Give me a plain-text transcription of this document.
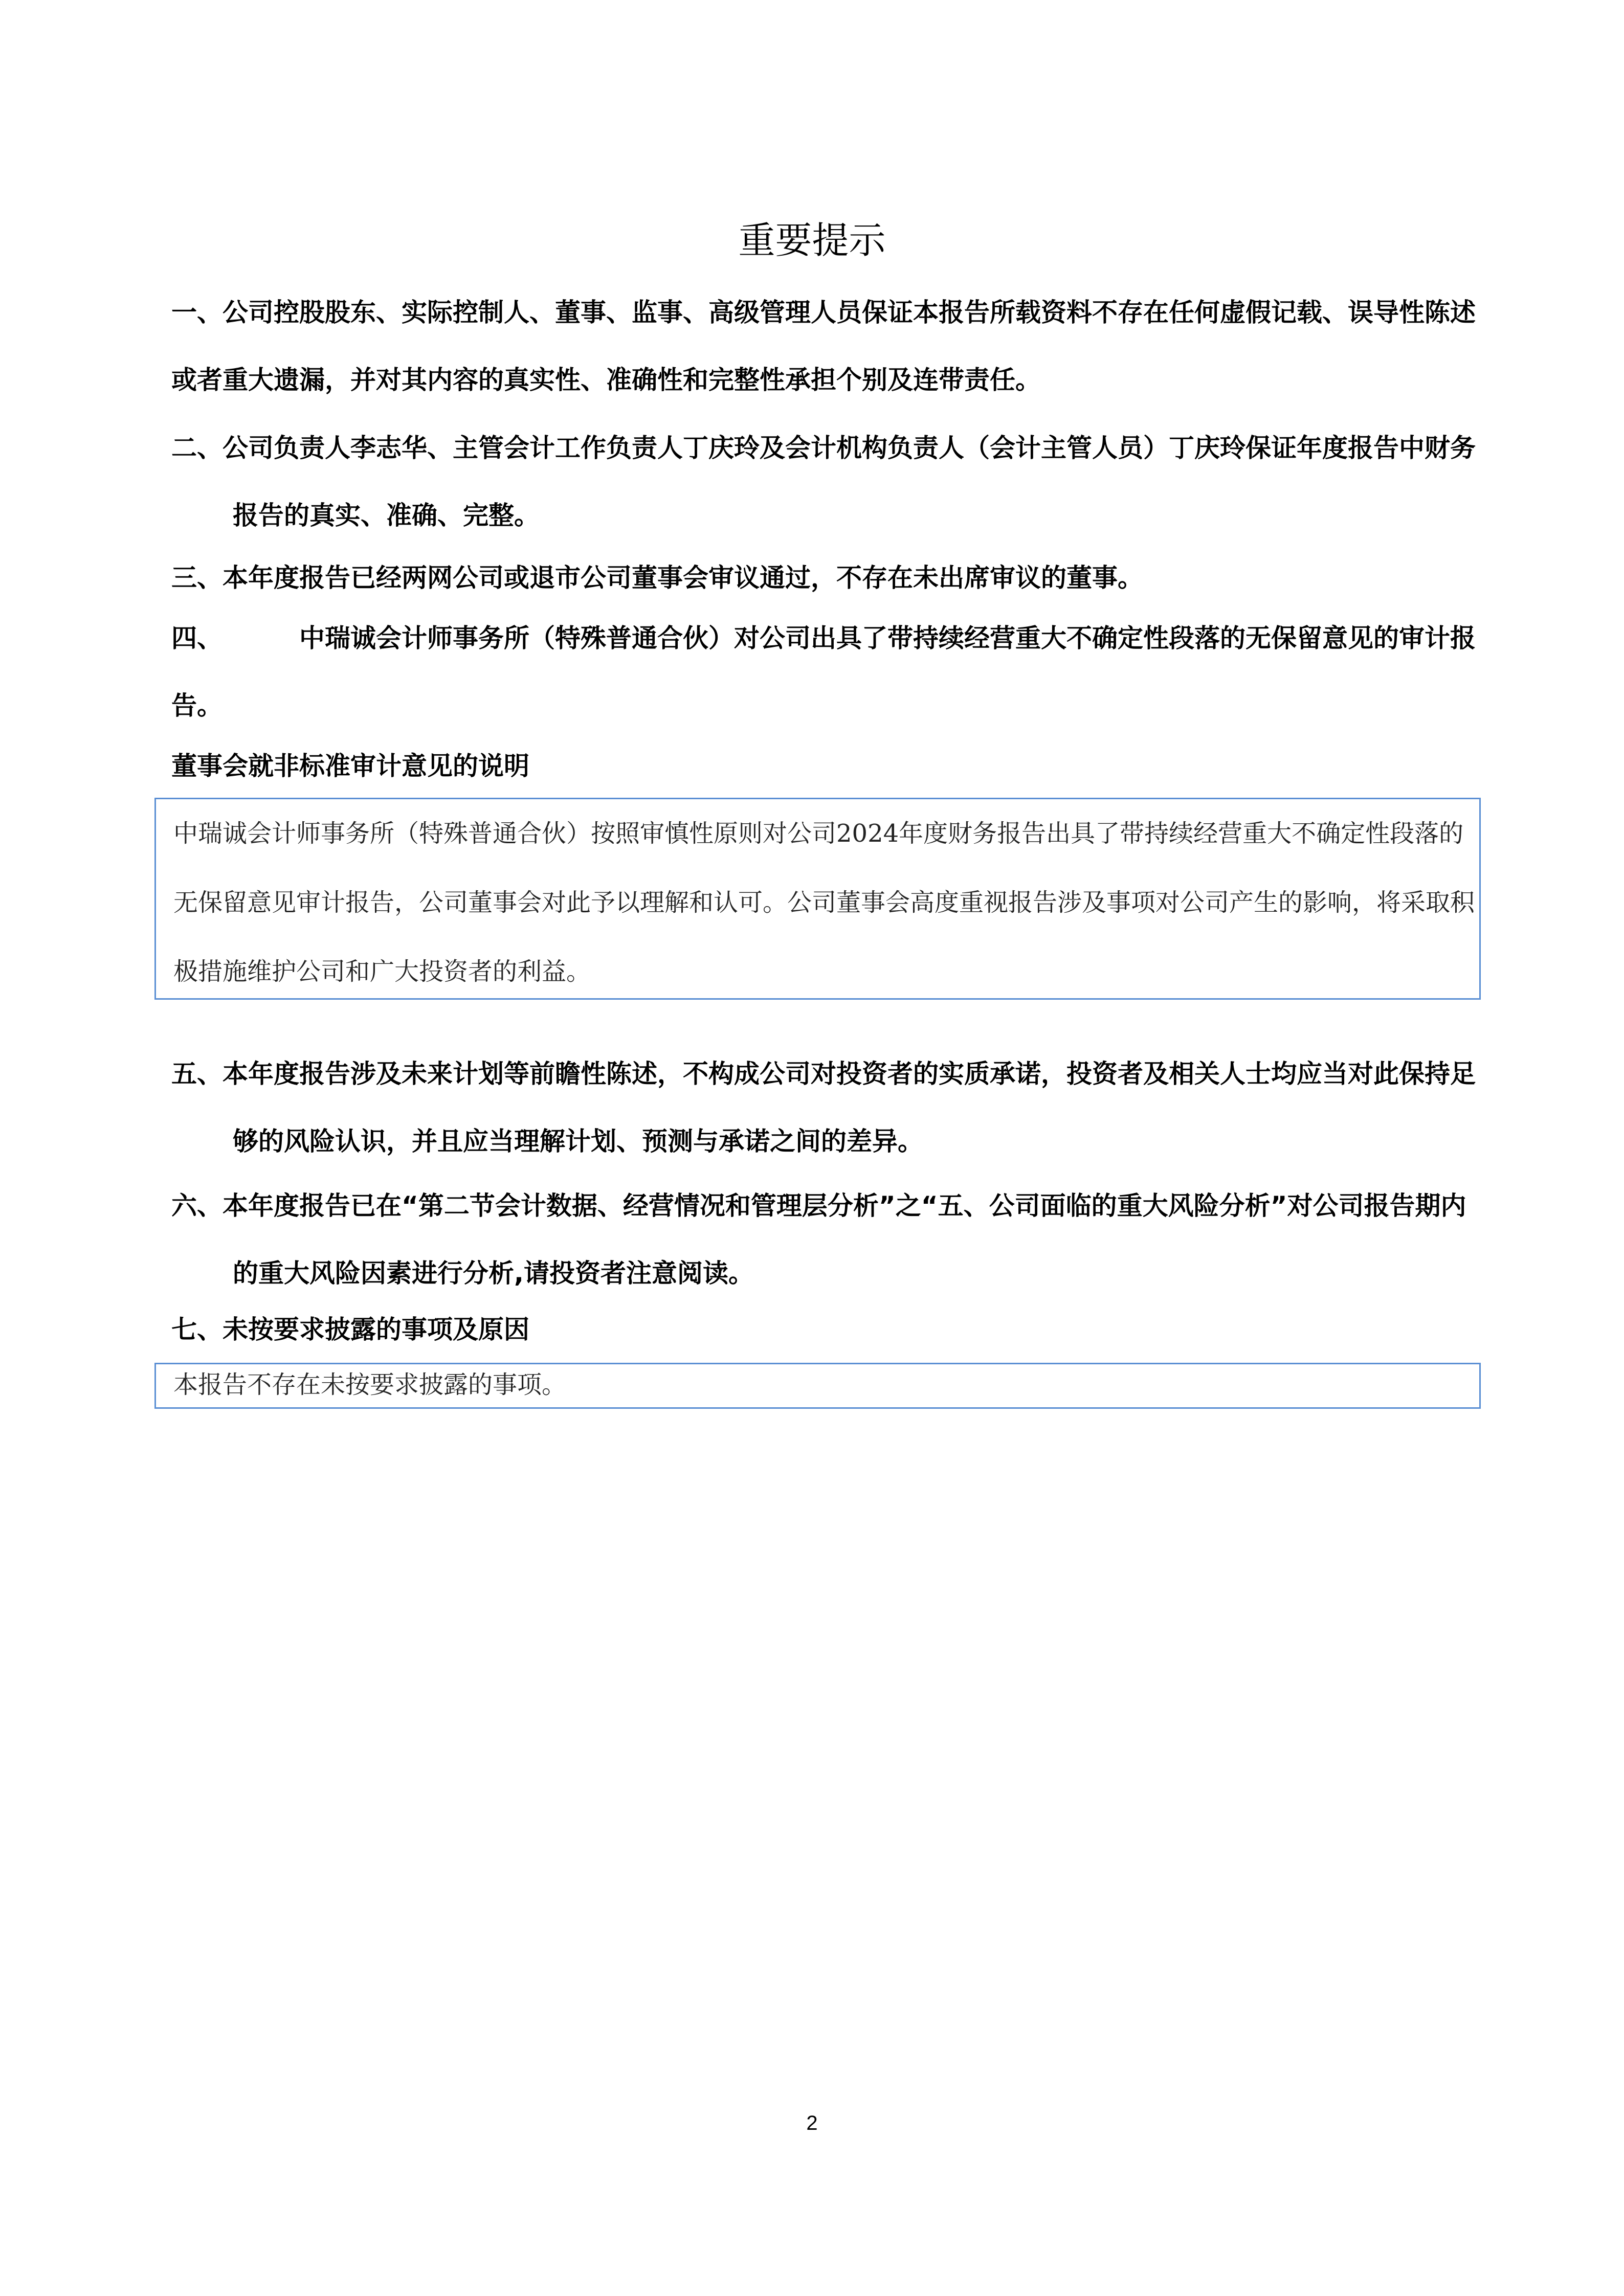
重要提示

一、公司控股股东、实际控制人、董事、监事、高级管理人员保证本报告所载资料不存在任何虚假记载、误导性陈述或者重大遗漏，并对其内容的真实性、准确性和完整性承担个别及连带责任。

二、公司负责人李志华、主管会计工作负责人丁庆玲及会计机构负责人（会计主管人员）丁庆玲保证年度报告中财务报告的真实、准确、完整。

三、本年度报告已经两网公司或退市公司董事会审议通过，不存在未出席审议的董事。

四、	中瑞诚会计师事务所（特殊普通合伙）对公司出具了带持续经营重大不确定性段落的无保留意见的审计报告。

董事会就非标准审计意见的说明

中瑞诚会计师事务所（特殊普通合伙）按照审慎性原则对公司2024年度财务报告出具了带持续经营重大不确定性段落的无保留意见审计报告，公司董事会对此予以理解和认可。公司董事会高度重视报告涉及事项对公司产生的影响，将采取积极措施维护公司和广大投资者的利益。

五、本年度报告涉及未来计划等前瞻性陈述，不构成公司对投资者的实质承诺，投资者及相关人士均应当对此保持足够的风险认识，并且应当理解计划、预测与承诺之间的差异。

六、本年度报告已在“第二节会计数据、经营情况和管理层分析”之“五、公司面临的重大风险分析”对公司报告期内的重大风险因素进行分析,请投资者注意阅读。

七、未按要求披露的事项及原因

本报告不存在未按要求披露的事项。

2
